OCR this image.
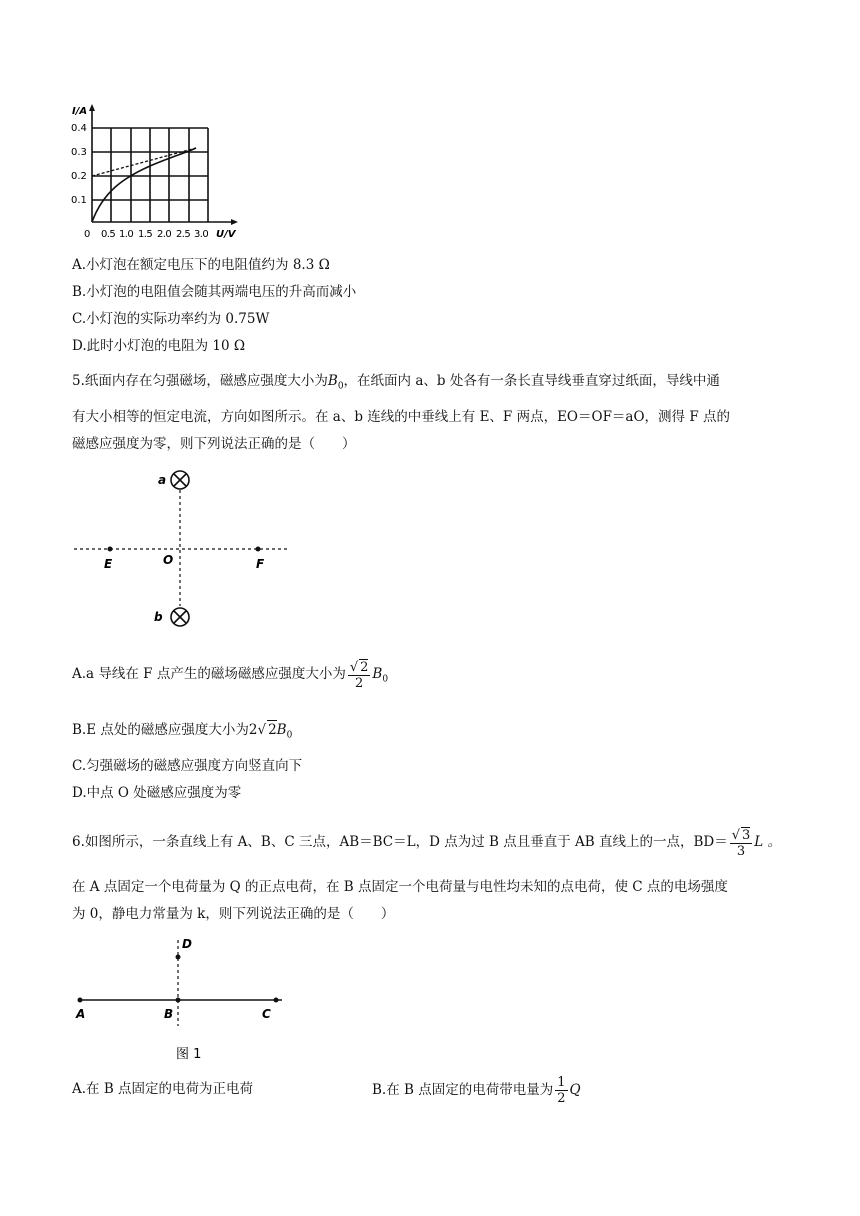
I/A
0.1
0.2
0.3
0.4
0 0.5 1.0 1.5 2.0 2.5 3.0 U/V
A.小灯泡在额定电压下的电阻值约为 8.3 Ω
B.小灯泡的电阻值会随其两端电压的升高而减小
C.小灯泡的实际功率约为 0.75W
D.此时小灯泡的电阻为 10 Ω
5.纸面内存在匀强磁场，磁感应强度大小为$B_0$，在纸面内 a、b 处各有一条长直导线垂直穿过纸面，导线中通
有大小相等的恒定电流，方向如图所示。在 a、b 连线的中垂线上有 E、F 两点，EO＝OF＝aO，测得 F 点的
磁感应强度为零，则下列说法正确的是（　　）
a
b
E	O	F
A.a 导线在 F 点产生的磁场磁感应强度大小为 $\frac{√ 2}{2} B_0$
B.E 点处的磁感应强度大小为2√ $2B_0$
C.匀强磁场的磁感应强度方向竖直向下
D.中点 O 处磁感应强度为零
6.如图所示，一条直线上有 A、B、C 三点，AB＝BC＝L，D 点为过 B 点且垂直于 AB 直线上的一点，$BD= \frac{√ 3}{3}$ L 。
在 A 点固定一个电荷量为 Q 的正点电荷，在 B 点固定一个电荷量与电性均未知的点电荷，使 C 点的电场强度
为 0，静电力常量为 k，则下列说法正确的是（　　）
A	B	C
D
图 1
A.在 B 点固定的电荷为正电荷	B.在 B 点固定的电荷带电量为 $\frac{1}{2}$ Q
